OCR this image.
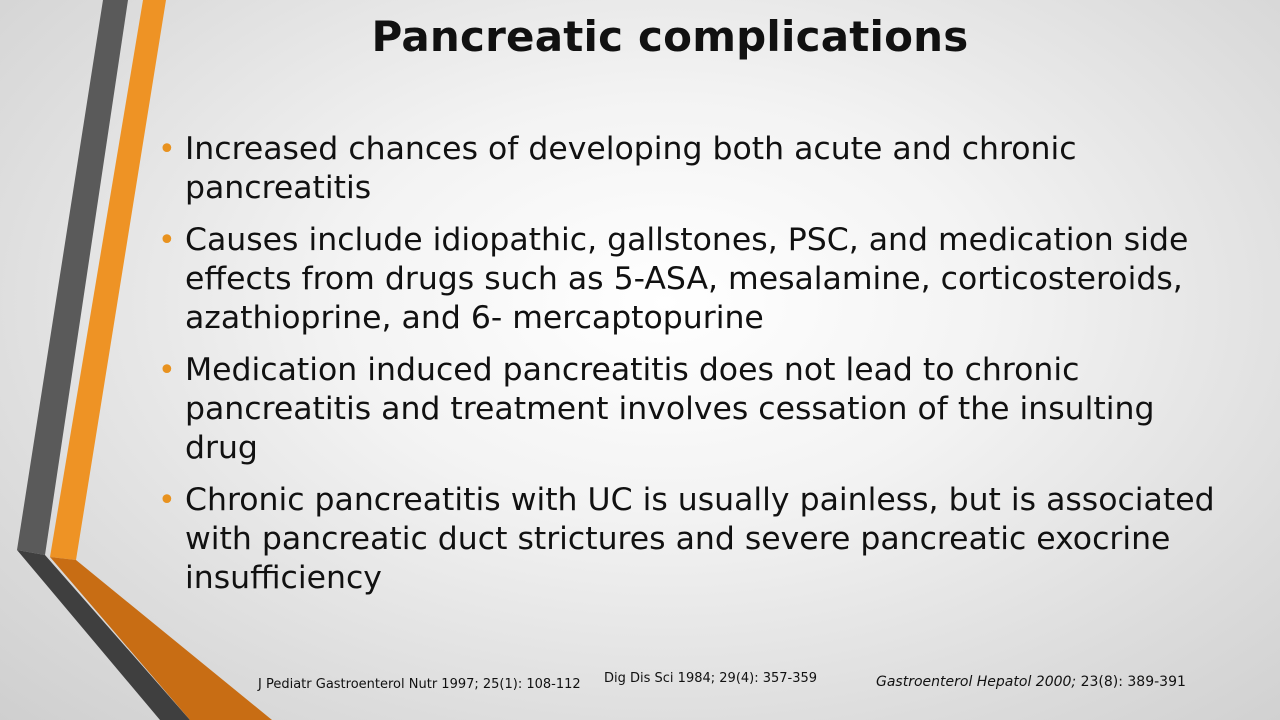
Pancreatic complications
• Increased chances of developing both acute and chronic pancreatitis
• Causes include idiopathic, gallstones, PSC, and medication side effects from drugs such as 5-ASA, mesalamine, corticosteroids, azathioprine, and 6- mercaptopurine
• Medication induced pancreatitis does not lead to chronic pancreatitis and treatment involves cessation of the insulting drug
• Chronic pancreatitis with UC is usually painless, but is associated with pancreatic duct strictures and severe pancreatic exocrine insufficiency
J Pediatr Gastroenterol Nutr 1997; 25(1): 108-112 Dig Dis Sci 1984; 29(4): 357-359	Gastroenterol Hepatol 2000; 23(8): 389-391
